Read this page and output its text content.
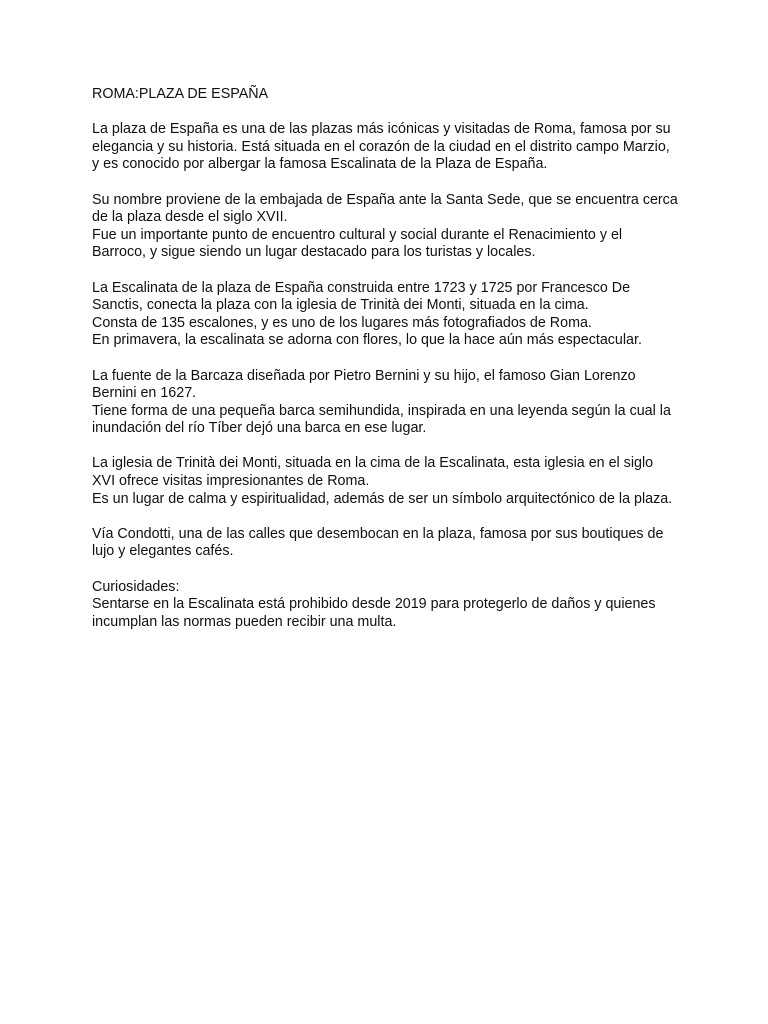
ROMA:PLAZA DE ESPAÑA
La plaza de España es una de las plazas más icónicas y visitadas de Roma, famosa por su
elegancia y su historia. Está situada en el corazón de la ciudad en el distrito campo Marzio,
y es conocido por albergar la famosa Escalinata de la Plaza de España.
Su nombre proviene de la embajada de España ante la Santa Sede, que se encuentra cerca
de la plaza desde el siglo XVII.
Fue un importante punto de encuentro cultural y social durante el Renacimiento y el
Barroco, y sigue siendo un lugar destacado para los turistas y locales.
La Escalinata de la plaza de España construida entre 1723 y 1725 por Francesco De
Sanctis, conecta la plaza con la iglesia de Trinità dei Monti, situada en la cima.
Consta de 135 escalones, y es uno de los lugares más fotografiados de Roma.
En primavera, la escalinata se adorna con flores, lo que la hace aún más espectacular.
La fuente de la Barcaza diseñada por Pietro Bernini y su hijo, el famoso Gian Lorenzo
Bernini en 1627.
Tiene forma de una pequeña barca semihundida, inspirada en una leyenda según la cual la
inundación del río Tíber dejó una barca en ese lugar.
La iglesia de Trinità dei Monti, situada en la cima de la Escalinata, esta iglesia en el siglo
XVI ofrece visitas impresionantes de Roma.
Es un lugar de calma y espiritualidad, además de ser un símbolo arquitectónico de la plaza.
Vía Condotti, una de las calles que desembocan en la plaza, famosa por sus boutiques de
lujo y elegantes cafés.
Curiosidades:
Sentarse en la Escalinata está prohibido desde 2019 para protegerlo de daños y quienes
incumplan las normas pueden recibir una multa.
